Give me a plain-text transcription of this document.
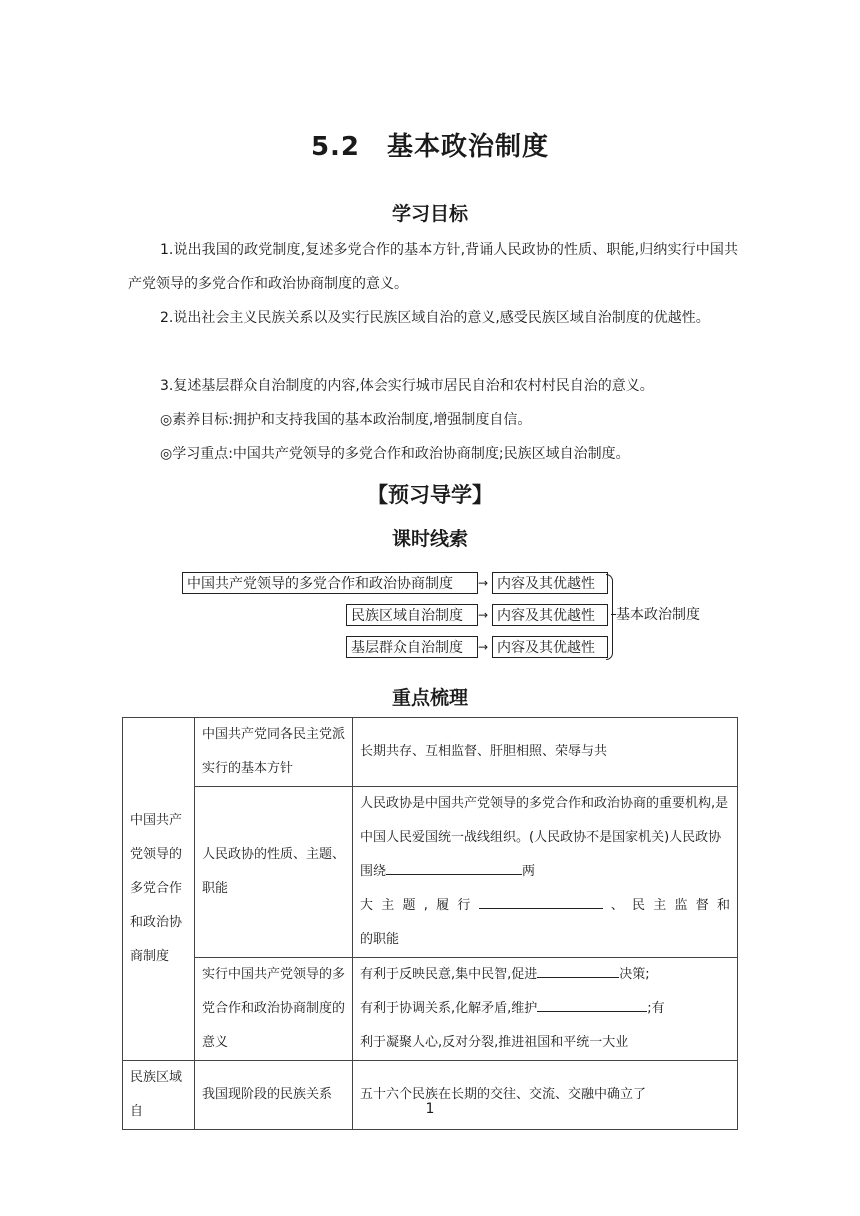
5.2　基本政治制度
学习目标
1.说出我国的政党制度,复述多党合作的基本方针,背诵人民政协的性质、职能,归纳实行中国共产党领导的多党合作和政治协商制度的意义。
2.说出社会主义民族关系以及实行民族区域自治的意义,感受民族区域自治制度的优越性。
3.复述基层群众自治制度的内容,体会实行城市居民自治和农村村民自治的意义。
◎素养目标:拥护和支持我国的基本政治制度,增强制度自信。
◎学习重点:中国共产党领导的多党合作和政治协商制度;民族区域自治制度。
【预习导学】
课时线索
中国共产党领导的多党合作和政治协商制度	→ 内容及其优越性
民族区域自治制度	→ 内容及其优越性
基层群众自治制度	→ 内容及其优越性
基本政治制度
重点梳理
中国共产党领导的多党合作和政治协商制度	中国共产党同各民主党派实行的基本方针	长期共存、互相监督、肝胆相照、荣辱与共
	人民政协的性质、主题、职能	人民政协是中国共产党领导的多党合作和政治协商的重要机构,是中国人民爱国统一战线组织。(人民政协不是国家机关)人民政协围绕 两
大主题,履行 、民主监督和
的职能
	实行中国共产党领导的多党合作和政治协商制度的意义	有利于反映民意,集中民智,促进 决策;
有利于协调关系,化解矛盾,维护 ;有
利于凝聚人心,反对分裂,推进祖国和平统一大业
民族区域自	我国现阶段的民族关系	五十六个民族在长期的交往、交流、交融中确立了
1
